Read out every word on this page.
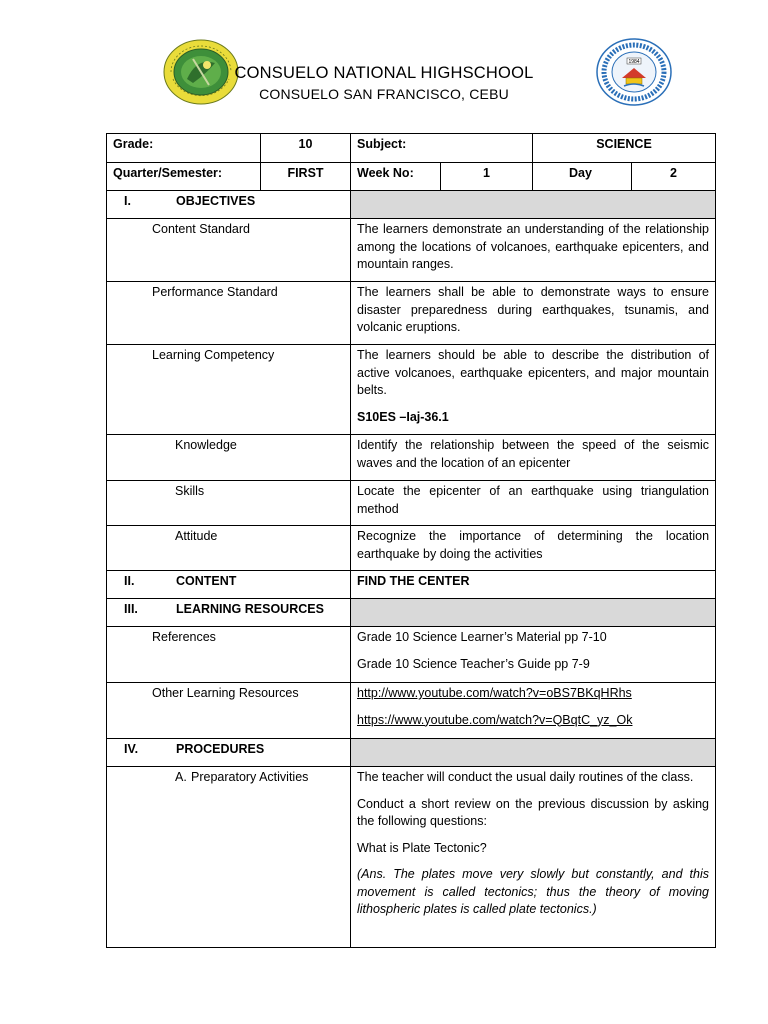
CONSUELO NATIONAL HIGHSCHOOL
CONSUELO SAN FRANCISCO, CEBU
1984
Grade:	10	Subject:		SCIENCE	
Quarter/Semester:	FIRST	Week No:	1	Day	2
I. OBJECTIVES					
Content Standard		The learners demonstrate an understanding of the relationship among the locations of volcanoes, earthquake epicenters, and mountain ranges.			
Performance Standard		The learners shall be able to demonstrate ways to ensure disaster preparedness during earthquakes, tsunamis, and volcanic eruptions.			
Learning Competency		The learners should be able to describe the distribution of active volcanoes, earthquake epicenters, and major mountain belts.

S10ES –Iaj-36.1			

Knowledge		Identify the relationship between the speed of the seismic waves and the location of an epicenter			
Skills		Locate the epicenter of an earthquake using triangulation method			
Attitude		Recognize the importance of determining the location earthquake by doing the activities			
II. CONTENT		FIND THE CENTER			
III. LEARNING RESOURCES					
References		Grade 10 Science Learner’s Material pp 7-10

Grade 10 Science Teacher’s Guide pp 7-9			

Other Learning Resources		http://www.youtube.com/watch?v=oBS7BKqHRhs

https://www.youtube.com/watch?v=QBqtC_yz_Ok			

IV. PROCEDURES					
A. Preparatory Activities		The teacher will conduct the usual daily routines of the class.

Conduct a short review on the previous discussion by asking the following questions:

What is Plate Tectonic?

(Ans. The plates move very slowly but constantly, and this movement is called tectonics; thus the theory of moving lithospheric plates is called plate tectonics.)			
